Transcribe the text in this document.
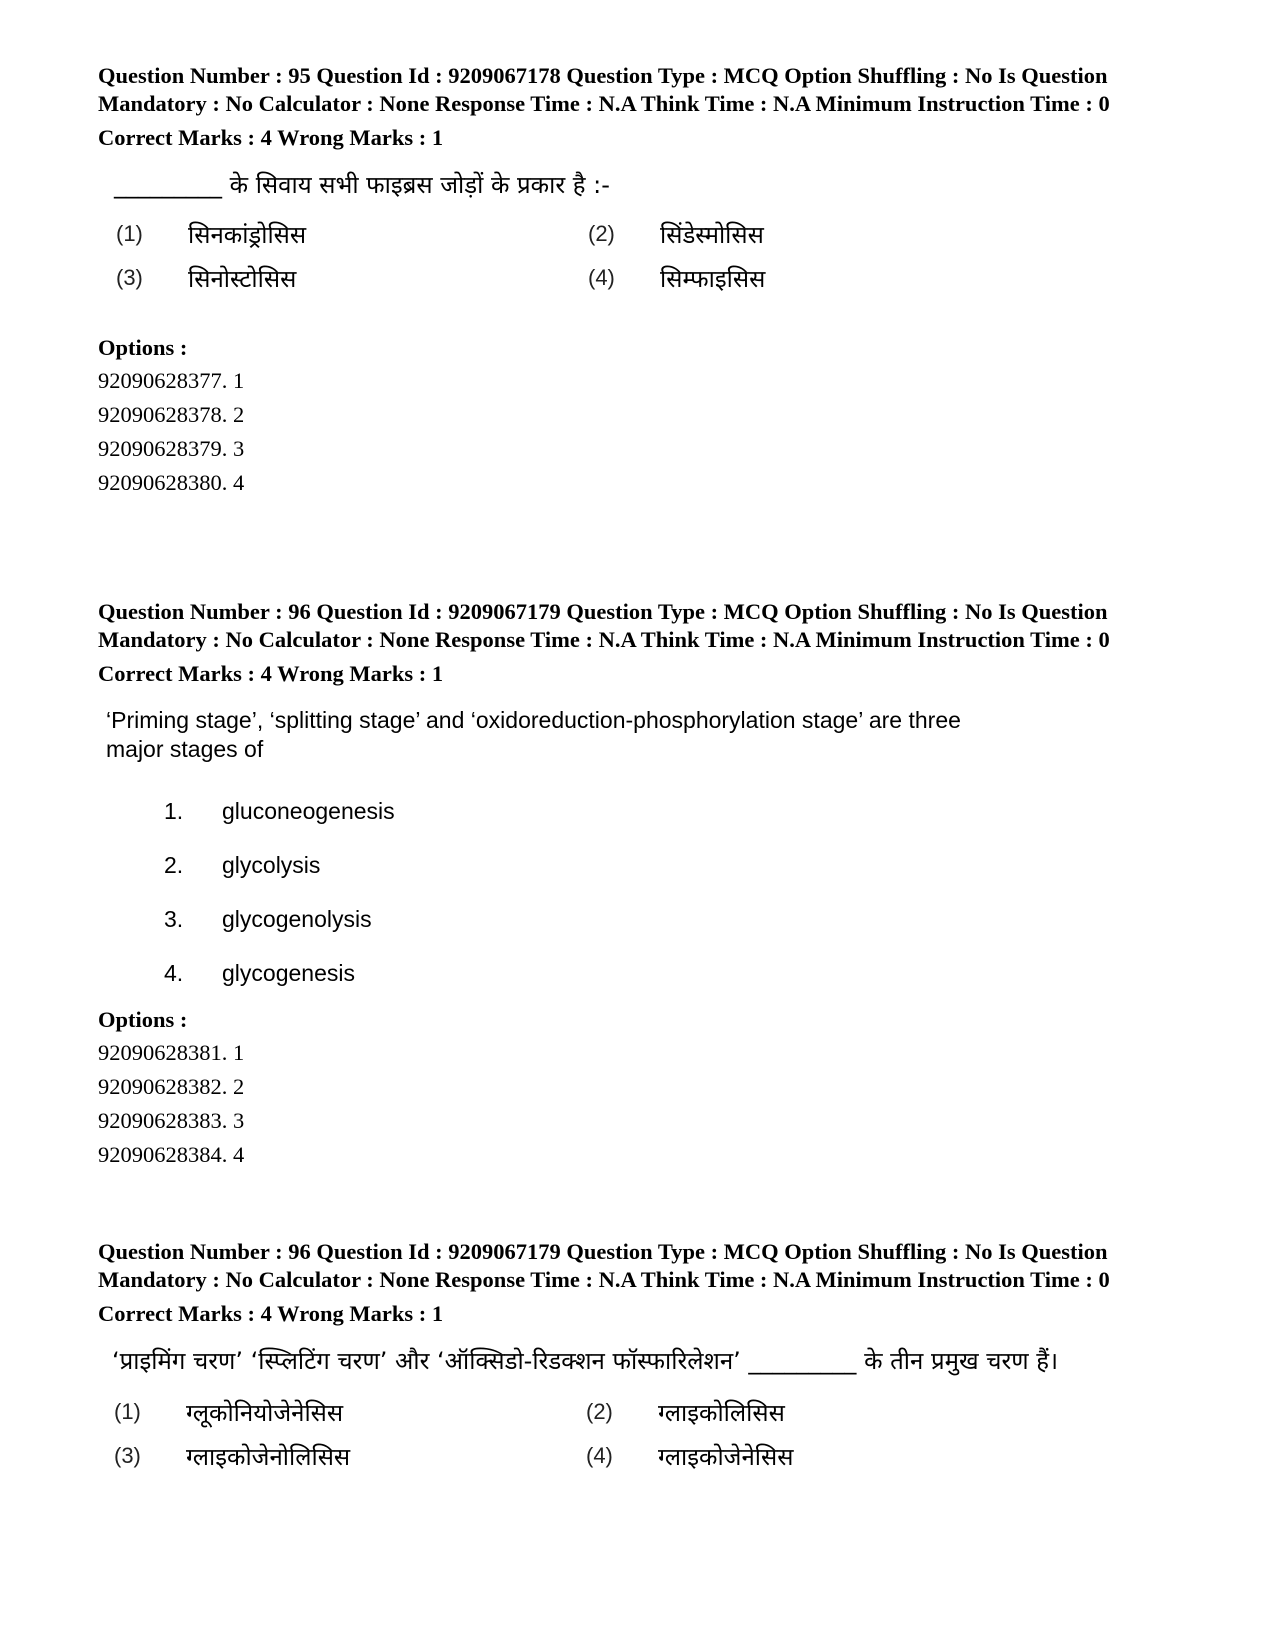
Question Number : 95 Question Id : 9209067178 Question Type : MCQ Option Shuffling : No Is Question Mandatory : No Calculator : None Response Time : N.A Think Time : N.A Minimum Instruction Time : 0

Correct Marks : 4 Wrong Marks : 1

_________ के सिवाय सभी फाइब्रस जोड़ों के प्रकार है :-

(1)	सिनकांड्रोसिस	(2)	सिंडेस्मोसिस
(3)	सिनोस्टोसिस	(4)	सिम्फाइसिस

Options :

92090628377. 1

92090628378. 2

92090628379. 3

92090628380. 4

Question Number : 96 Question Id : 9209067179 Question Type : MCQ Option Shuffling : No Is Question Mandatory : No Calculator : None Response Time : N.A Think Time : N.A Minimum Instruction Time : 0

Correct Marks : 4 Wrong Marks : 1

‘Priming stage’, ‘splitting stage’ and ‘oxidoreduction-phosphorylation stage’ are three major stages of

1.	gluconeogenesis
2.	glycolysis
3.	glycogenolysis
4.	glycogenesis

Options :

92090628381. 1

92090628382. 2

92090628383. 3

92090628384. 4

Question Number : 96 Question Id : 9209067179 Question Type : MCQ Option Shuffling : No Is Question Mandatory : No Calculator : None Response Time : N.A Think Time : N.A Minimum Instruction Time : 0

Correct Marks : 4 Wrong Marks : 1

‘प्राइमिंग चरण’ ‘स्प्लिटिंग चरण’ और ‘ऑक्सिडो-रिडक्शन फॉस्फारिलेशन’ _________ के तीन प्रमुख चरण हैं।

(1)	ग्लूकोनियोजेनेसिस	(2)	ग्लाइकोलिसिस
(3)	ग्लाइकोजेनोलिसिस	(4)	ग्लाइकोजेनेसिस
